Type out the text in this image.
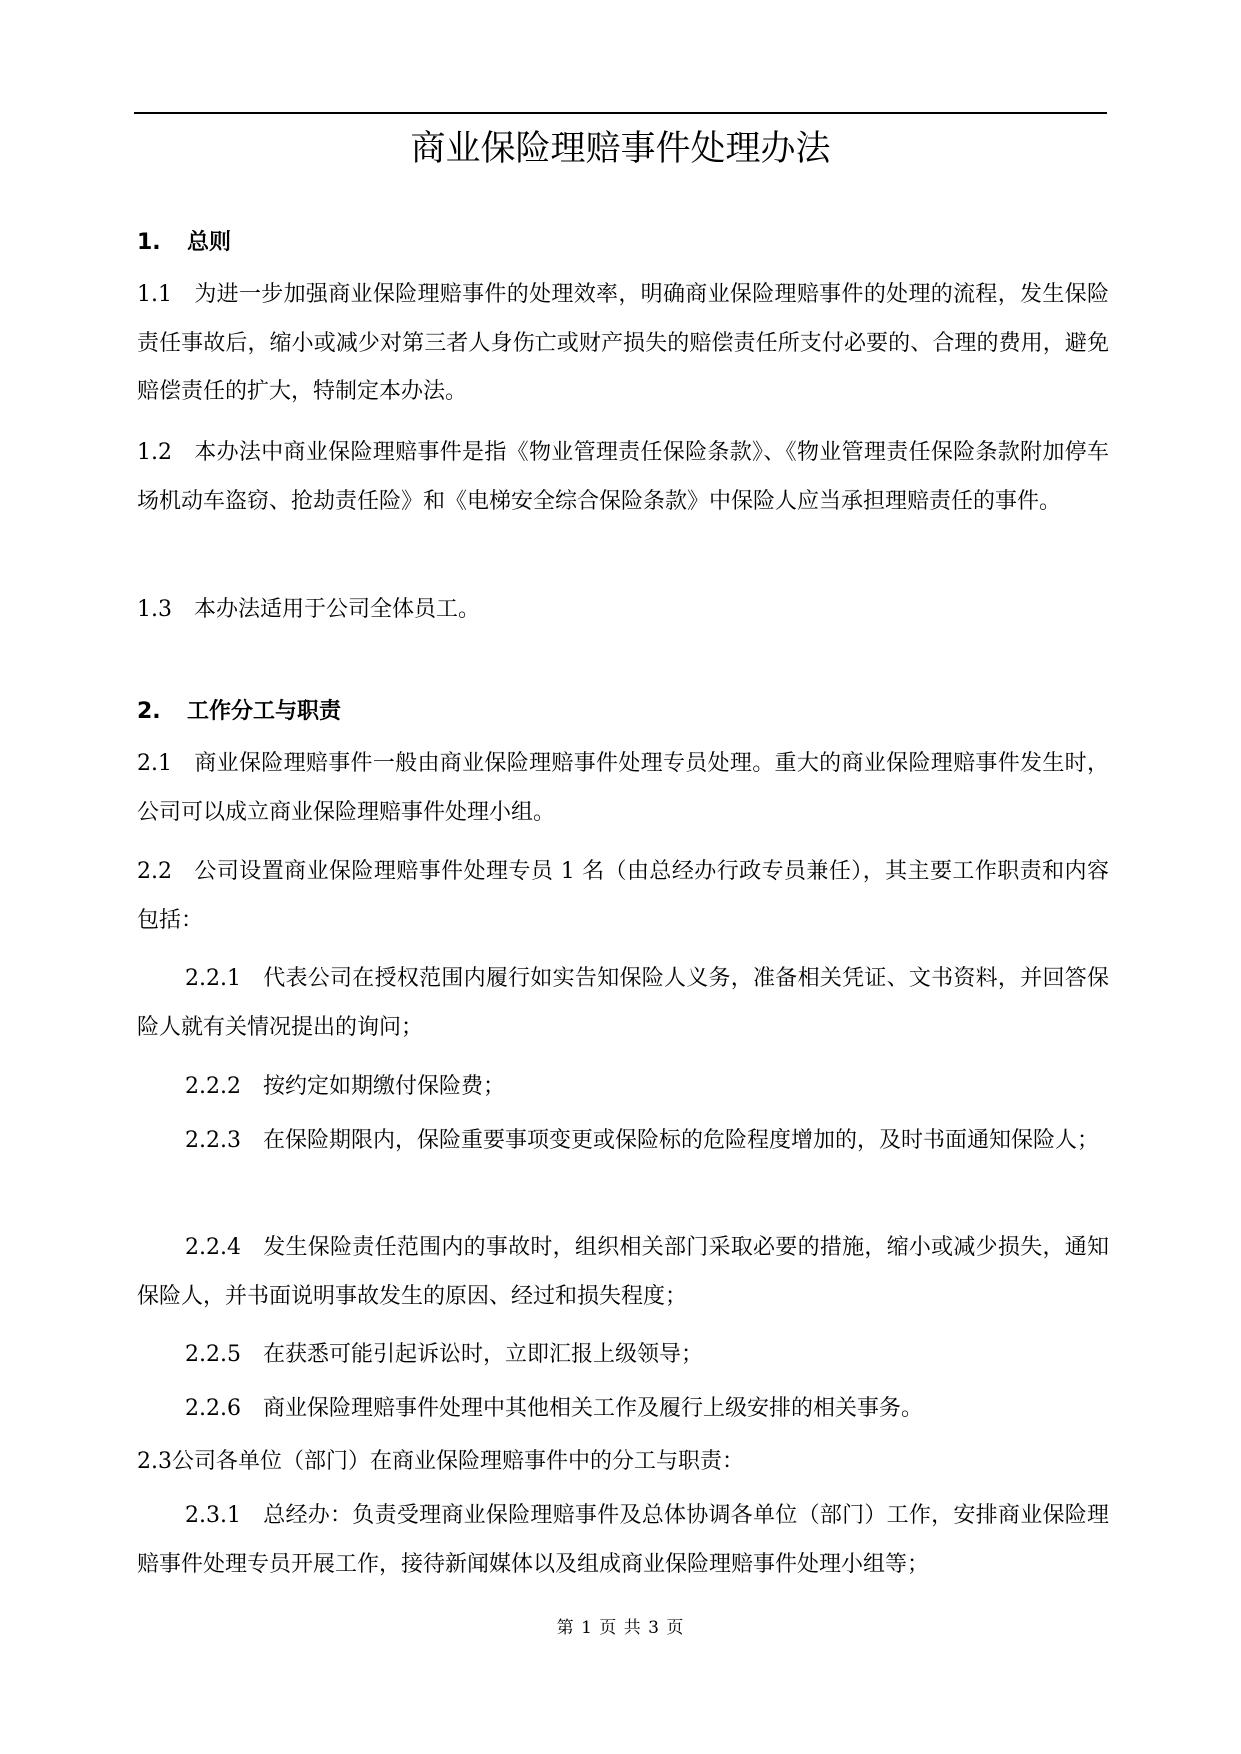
商业保险理赔事件处理办法
1. 总则
1.1 为进一步加强商业保险理赔事件的处理效率，明确商业保险理赔事件的处理的流程，发生保险责任事故后，缩小或减少对第三者人身伤亡或财产损失的赔偿责任所支付必要的、合理的费用，避免赔偿责任的扩大，特制定本办法。
1.2 本办法中商业保险理赔事件是指《物业管理责任保险条款》、《物业管理责任保险条款附加停车场机动车盗窃、抢劫责任险》和《电梯安全综合保险条款》中保险人应当承担理赔责任的事件。
1.3 本办法适用于公司全体员工。
2. 工作分工与职责
2.1 商业保险理赔事件一般由商业保险理赔事件处理专员处理。重大的商业保险理赔事件发生时，公司可以成立商业保险理赔事件处理小组。
2.2 公司设置商业保险理赔事件处理专员 1 名（由总经办行政专员兼任），其主要工作职责和内容包括：
2.2.1 代表公司在授权范围内履行如实告知保险人义务，准备相关凭证、文书资料，并回答保险人就有关情况提出的询问；
2.2.2 按约定如期缴付保险费；
2.2.3 在保险期限内，保险重要事项变更或保险标的危险程度增加的，及时书面通知保险人；
2.2.4 发生保险责任范围内的事故时，组织相关部门采取必要的措施，缩小或减少损失，通知保险人，并书面说明事故发生的原因、经过和损失程度；
2.2.5 在获悉可能引起诉讼时，立即汇报上级领导；
2.2.6 商业保险理赔事件处理中其他相关工作及履行上级安排的相关事务。
2.3公司各单位（部门）在商业保险理赔事件中的分工与职责：
2.3.1 总经办：负责受理商业保险理赔事件及总体协调各单位（部门）工作，安排商业保险理赔事件处理专员开展工作，接待新闻媒体以及组成商业保险理赔事件处理小组等；
第 1 页 共 3 页
